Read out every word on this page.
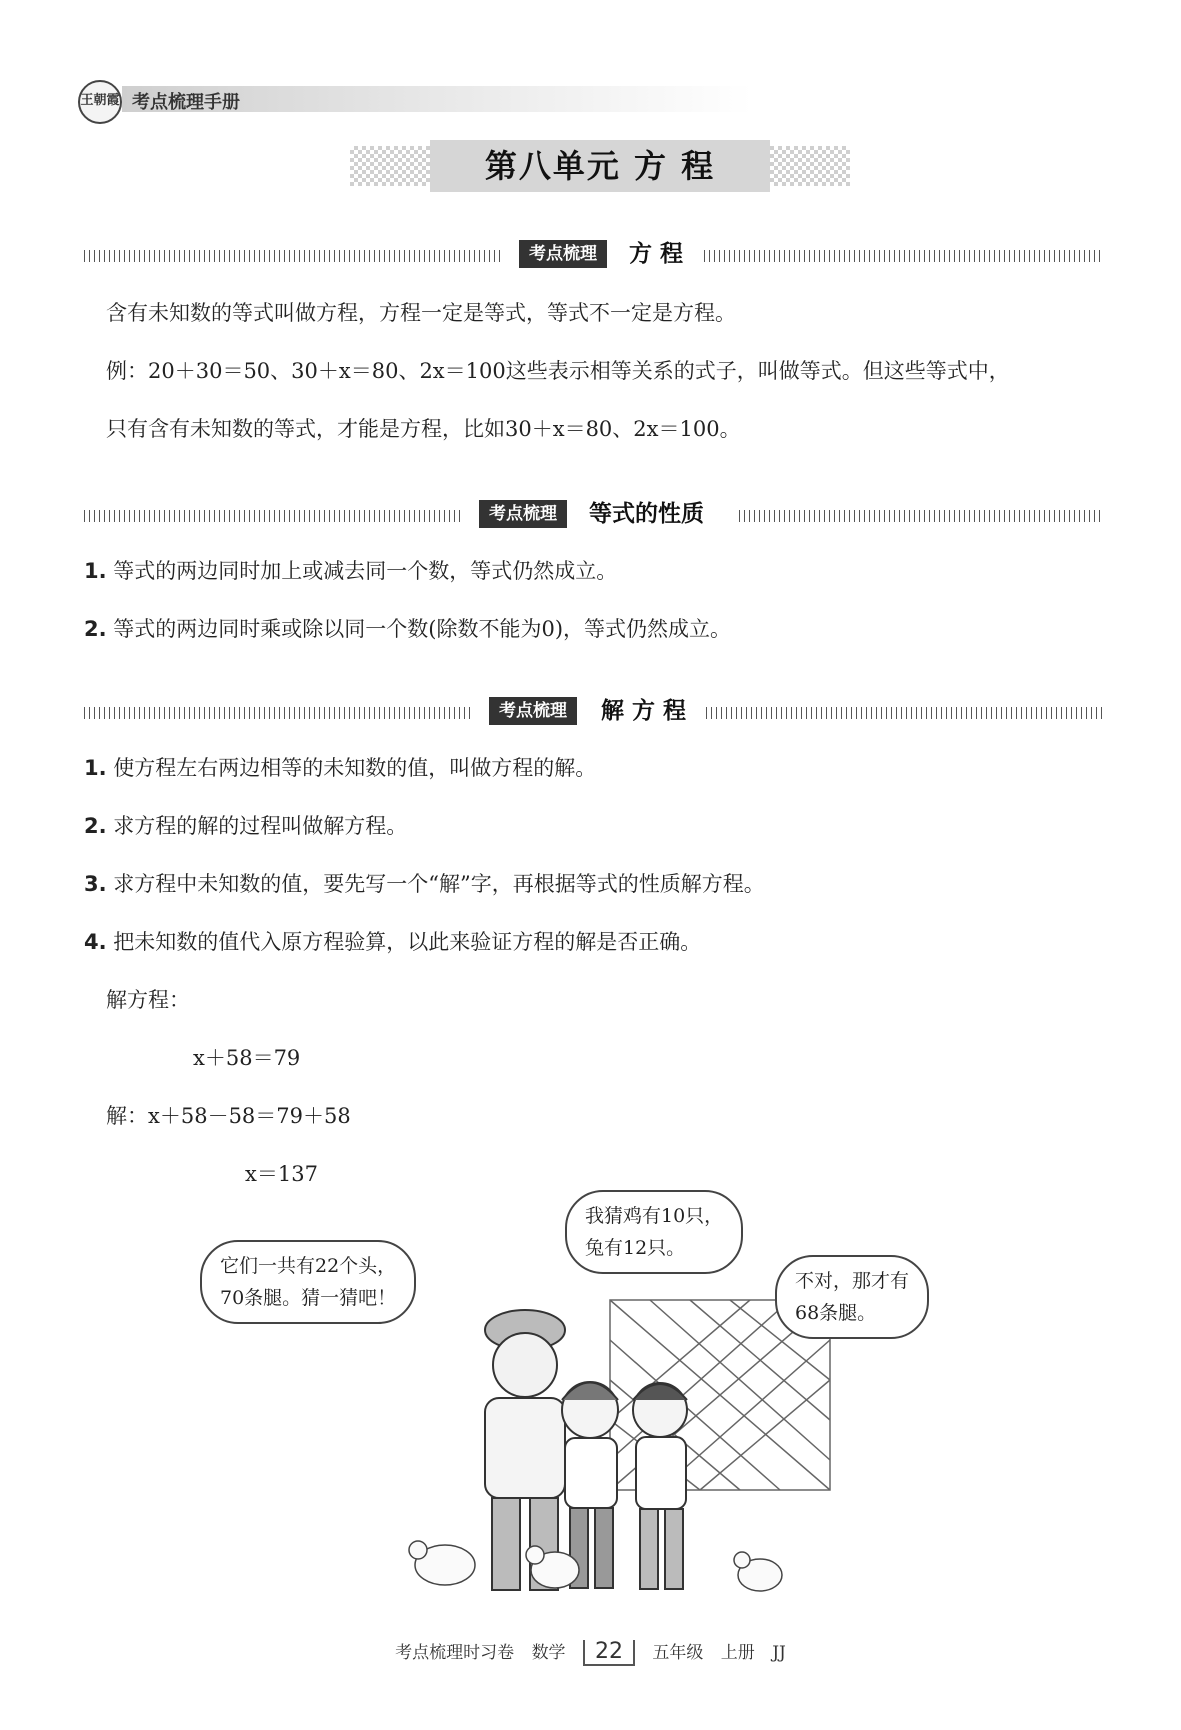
王朝霞 考点梳理手册
第八单元 方 程
考点梳理	方 程
含有未知数的等式叫做方程，方程一定是等式，等式不一定是方程。
例：20＋30＝50、30＋x＝80、2x＝100这些表示相等关系的式子，叫做等式。但这些等式中，
只有含有未知数的等式，才能是方程，比如30＋x＝80、2x＝100。
考点梳理	等式的性质
1. 等式的两边同时加上或减去同一个数，等式仍然成立。
2. 等式的两边同时乘或除以同一个数(除数不能为0)，等式仍然成立。
考点梳理	解 方 程
1. 使方程左右两边相等的未知数的值，叫做方程的解。
2. 求方程的解的过程叫做解方程。
3. 求方程中未知数的值，要先写一个“解”字，再根据等式的性质解方程。
4. 把未知数的值代入原方程验算，以此来验证方程的解是否正确。
解方程：
x＋58＝79
解：x＋58－58＝79＋58
x＝137
它们一共有22个头，
70条腿。猜一猜吧！
我猜鸡有10只，
兔有12只。
不对，那才有
68条腿。
考点梳理时习卷 数学 22 五年级 上册 JJ
